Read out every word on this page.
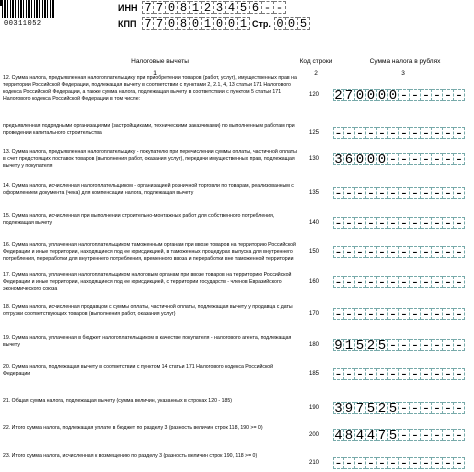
00311052
ИНН 7 7 0 8 1 2 3 4 5 6 - -
КПП 7 7 0 8 0 1 0 0 1 Стр. 0 0 5
Налоговые вычеты
1
Код строки
2
Сумма налога в рублях
3
12. Сумма налога, предъявленная налогоплательщику при приобретении товаров (работ, услуг), имущественных прав на территории Российской Федерации, подлежащая вычету в соответствии с пунктами 2, 2.1, 4, 13 статьи 171 Налогового кодекса Российской Федерации, а также сумма налога, подлежащая вычету в соответствии с пунктом 5 статьи 171 Налогового кодекса Российской Федерации в том числе:
120	2 7 0 0 0 0 - - - - - -
предъявленная подрядными организациями (застройщиками, техническими заказчиками) по выполненным работам при проведении капитального строительства	125	- - - - - - - - - - - -
13. Сумма налога, предъявленная налогоплательщику - покупателю при перечислении суммы оплаты, частичной оплаты в счет предстоящих поставок товаров (выполнения работ, оказания услуг), передачи имущественных прав, подлежащая вычету у покупателя
130	3 6 0 0 0 - - - - - - -
14. Сумма налога, исчисленная налогоплательщиком - организацией розничной торговли по товарам, реализованным с оформлением документа (чека) для компенсации налога, подлежащая вычету	135	- - - - - - - - - - - -
15. Сумма налога, исчисленная при выполнении строительно-монтажных работ для собственного потребления, подлежащая вычету	140	- - - - - - - - - - - -
16. Сумма налога, уплаченная налогоплательщиком таможенным органам при ввозе товаров на территорию Российской Федерации и иные территории, находящиеся под ее юрисдикцией, в таможенных процедурах выпуска для внутреннего потребления, переработки для внутреннего потребления, временного ввоза и переработки вне таможенной территории
150	- - - - - - - - - - - -
17. Сумма налога, уплаченная налогоплательщиком налоговым органам при ввозе товаров на территорию Российской Федерации и иные территории, находящиеся под ее юрисдикцией, с территории государств - членов Евразийского экономического союза
160	- - - - - - - - - - - -
18. Сумма налога, исчисленная продавцом с суммы оплаты, частичной оплаты, подлежащая вычету у продавца с даты отгрузки соответствующих товаров (выполнения работ, оказания услуг)	170	- - - - - - - - - - - -
19. Сумма налога, уплаченная в бюджет налогоплательщиком в качестве покупателя - налогового агента, подлежащая вычету	180	9 1 5 2 5 - - - - - - -
20. Сумма налога, подлежащая вычету в соответствии с пунктом 14 статьи 171 Налогового кодекса Российской Федерации	185	- - - - - - - - - - - -
21. Общая сумма налога, подлежащая вычету (сумма величин, указанных в строках 120 - 185)
190	3 9 7 5 2 5 - - - - - -
22. Итого сумма налога, подлежащая уплате в бюджет по разделу 3 (разность величин строк 118, 190 >= 0)
200	4 8 4 4 7 5 - - - - - -
23. Итого сумма налога, исчисленная к возмещению по разделу 3 (разность величин строк 190, 118 >= 0)
210	- - - - - - - - - - - -
